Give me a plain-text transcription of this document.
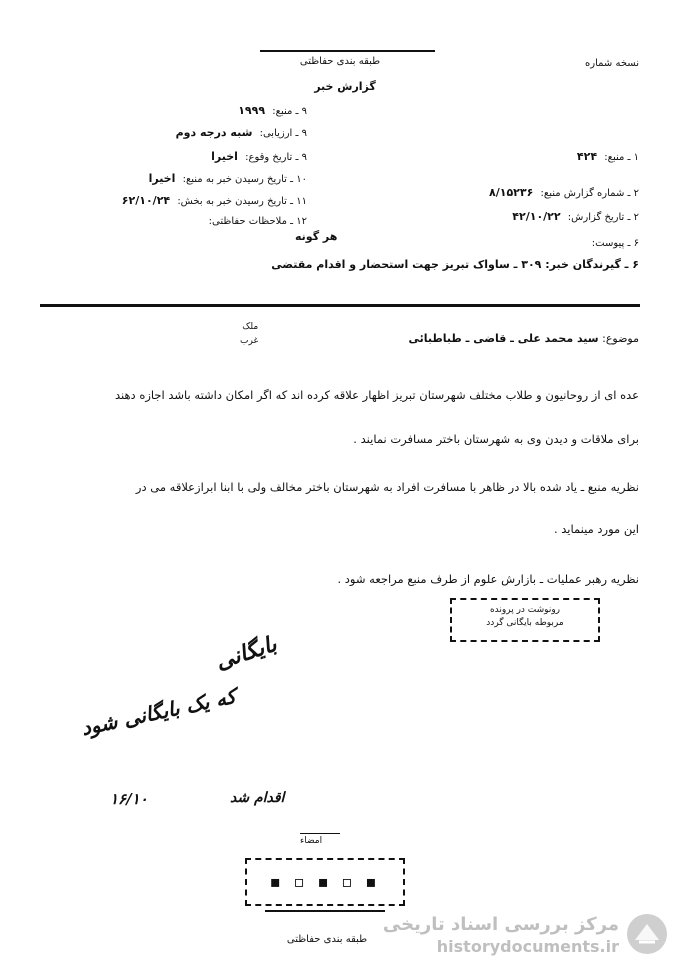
طبقه بندی حفاظتی	نسخه شماره
گزارش خبر
۱ ـ منبع: ۴۲۴
۲ ـ شماره گزارش منبع: ۸/۱۵۲۳۶
۲ ـ تاریخ گزارش: ۴۲/۱۰/۲۲
۶ ـ پیوست:
۹ ـ منبع: ۱۹۹۹
۹ ـ ارزیابی: شبه درجه دوم
۹ ـ تاریخ وقوع: اخیرا
۱۰ ـ تاریخ رسیدن خبر به منبع: اخیرا
۱۱ ـ تاریخ رسیدن خبر به بخش: ۶۲/۱۰/۲۴
۱۲ ـ ملاحظات حفاظتی:
هر گونه
۶ ـ گیرندگان خبر: ۳۰۹ ـ ساواک تبریز جهت استحضار و اقدام مقتضی
موضوع: سید محمد علی ـ قاضی ـ طباطبائی
ملک
غرب
عده ای از روحانیون و طلاب مختلف شهرستان تبریز اظهار علاقه کرده اند که اگر امکان داشته باشد اجازه دهند
برای ملاقات و دیدن وی به شهرستان باختر مسافرت نمایند .
نظریه منبع ـ یاد شده بالا در ظاهر با مسافرت افراد به شهرستان باختر مخالف ولی با ابنا ابرازعلاقه می در
این مورد مینماید .
نظریه رهبر عملیات ـ بازارش علوم از طرف منبع مراجعه شود .
رونوشت در پرونده
مربوطه بایگانی گردد
بایگانی
که یک بایگانی شود
۱۶/۱۰	اقدام شد
امضاء
▪ ▫ ▪ ▫ ▪
طبقه بندی حفاظتی
مرکز بررسی اسناد تاریخی
historydocuments.ir
